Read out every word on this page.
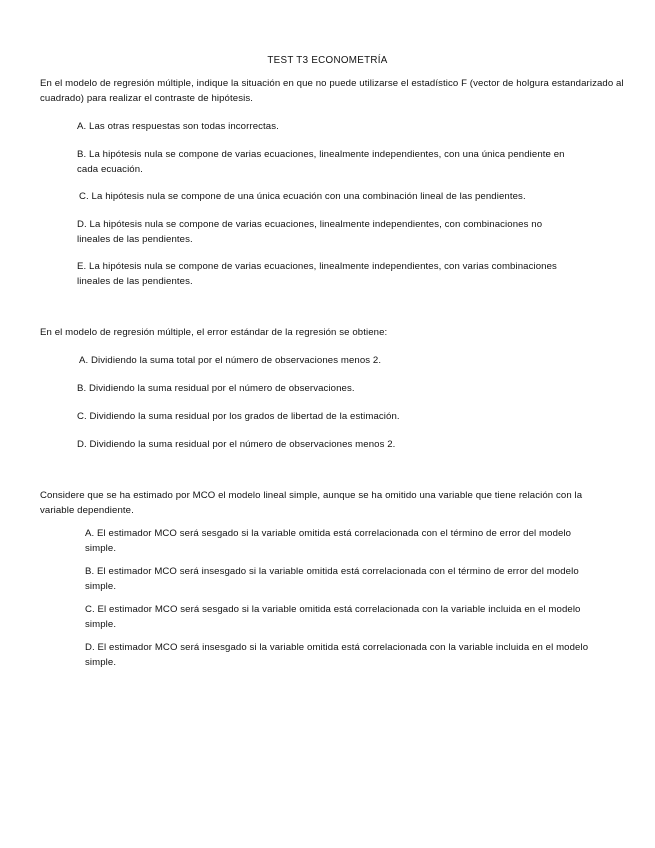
TEST T3 ECONOMETRÍA

En el modelo de regresión múltiple, indique la situación en que no puede utilizarse el estadístico F (vector de holgura estandarizado al cuadrado) para realizar el contraste de hipótesis.

A. Las otras respuestas son todas incorrectas.

B. La hipótesis nula se compone de varias ecuaciones, linealmente independientes, con una única pendiente en cada ecuación.

C. La hipótesis nula se compone de una única ecuación con una combinación lineal de las pendientes.

D. La hipótesis nula se compone de varias ecuaciones, linealmente independientes, con combinaciones no lineales de las pendientes.

E. La hipótesis nula se compone de varias ecuaciones, linealmente independientes, con varias combinaciones lineales de las pendientes.

En el modelo de regresión múltiple, el error estándar de la regresión se obtiene:

A. Dividiendo la suma total por el número de observaciones menos 2.

B. Dividiendo la suma residual por el número de observaciones.

C. Dividiendo la suma residual por los grados de libertad de la estimación.

D. Dividiendo la suma residual por el número de observaciones menos 2.

Considere que se ha estimado por MCO el modelo lineal simple, aunque se ha omitido una variable que tiene relación con la variable dependiente.

A. El estimador MCO será sesgado si la variable omitida está correlacionada con el término de error del modelo simple.

B. El estimador MCO será insesgado si la variable omitida está correlacionada con el término de error del modelo simple.

C. El estimador MCO será sesgado si la variable omitida está correlacionada con la variable incluida en el modelo simple.

D. El estimador MCO será insesgado si la variable omitida está correlacionada con la variable incluida en el modelo simple.
